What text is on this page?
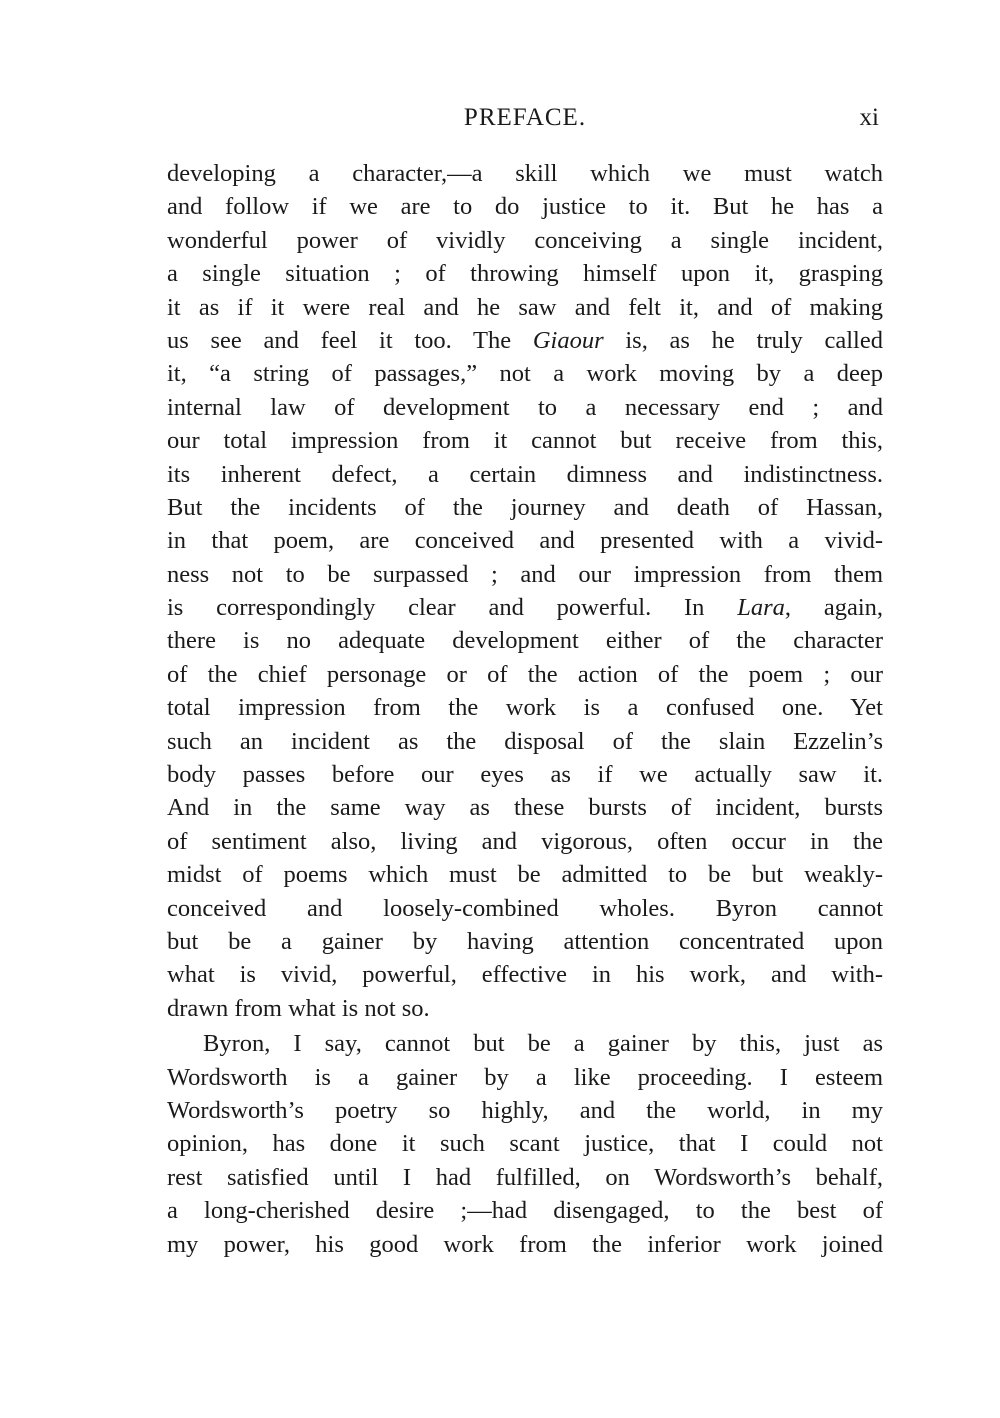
PREFACE.	xi
developing a character,—a skill which we must watch
and follow if we are to do justice to it. But he has a
wonderful power of vividly conceiving a single incident,
a single situation ; of throwing himself upon it, grasping
it as if it were real and he saw and felt it, and of making
us see and feel it too. The Giaour is, as he truly called
it, “a string of passages,” not a work moving by a deep
internal law of development to a necessary end ; and
our total impression from it cannot but receive from this,
its inherent defect, a certain dimness and indistinctness.
But the incidents of the journey and death of Hassan,
in that poem, are conceived and presented with a vivid-
ness not to be surpassed ; and our impression from them
is correspondingly clear and powerful. In Lara, again,
there is no adequate development either of the character
of the chief personage or of the action of the poem ; our
total impression from the work is a confused one. Yet
such an incident as the disposal of the slain Ezzelin’s
body passes before our eyes as if we actually saw it.
And in the same way as these bursts of incident, bursts
of sentiment also, living and vigorous, often occur in the
midst of poems which must be admitted to be but weakly-
conceived and loosely-combined wholes. Byron cannot
but be a gainer by having attention concentrated upon
what is vivid, powerful, effective in his work, and with-
drawn from what is not so.
Byron, I say, cannot but be a gainer by this, just as
Wordsworth is a gainer by a like proceeding. I esteem
Wordsworth’s poetry so highly, and the world, in my
opinion, has done it such scant justice, that I could not
rest satisfied until I had fulfilled, on Wordsworth’s behalf,
a long-cherished desire ;—had disengaged, to the best of
my power, his good work from the inferior work joined
